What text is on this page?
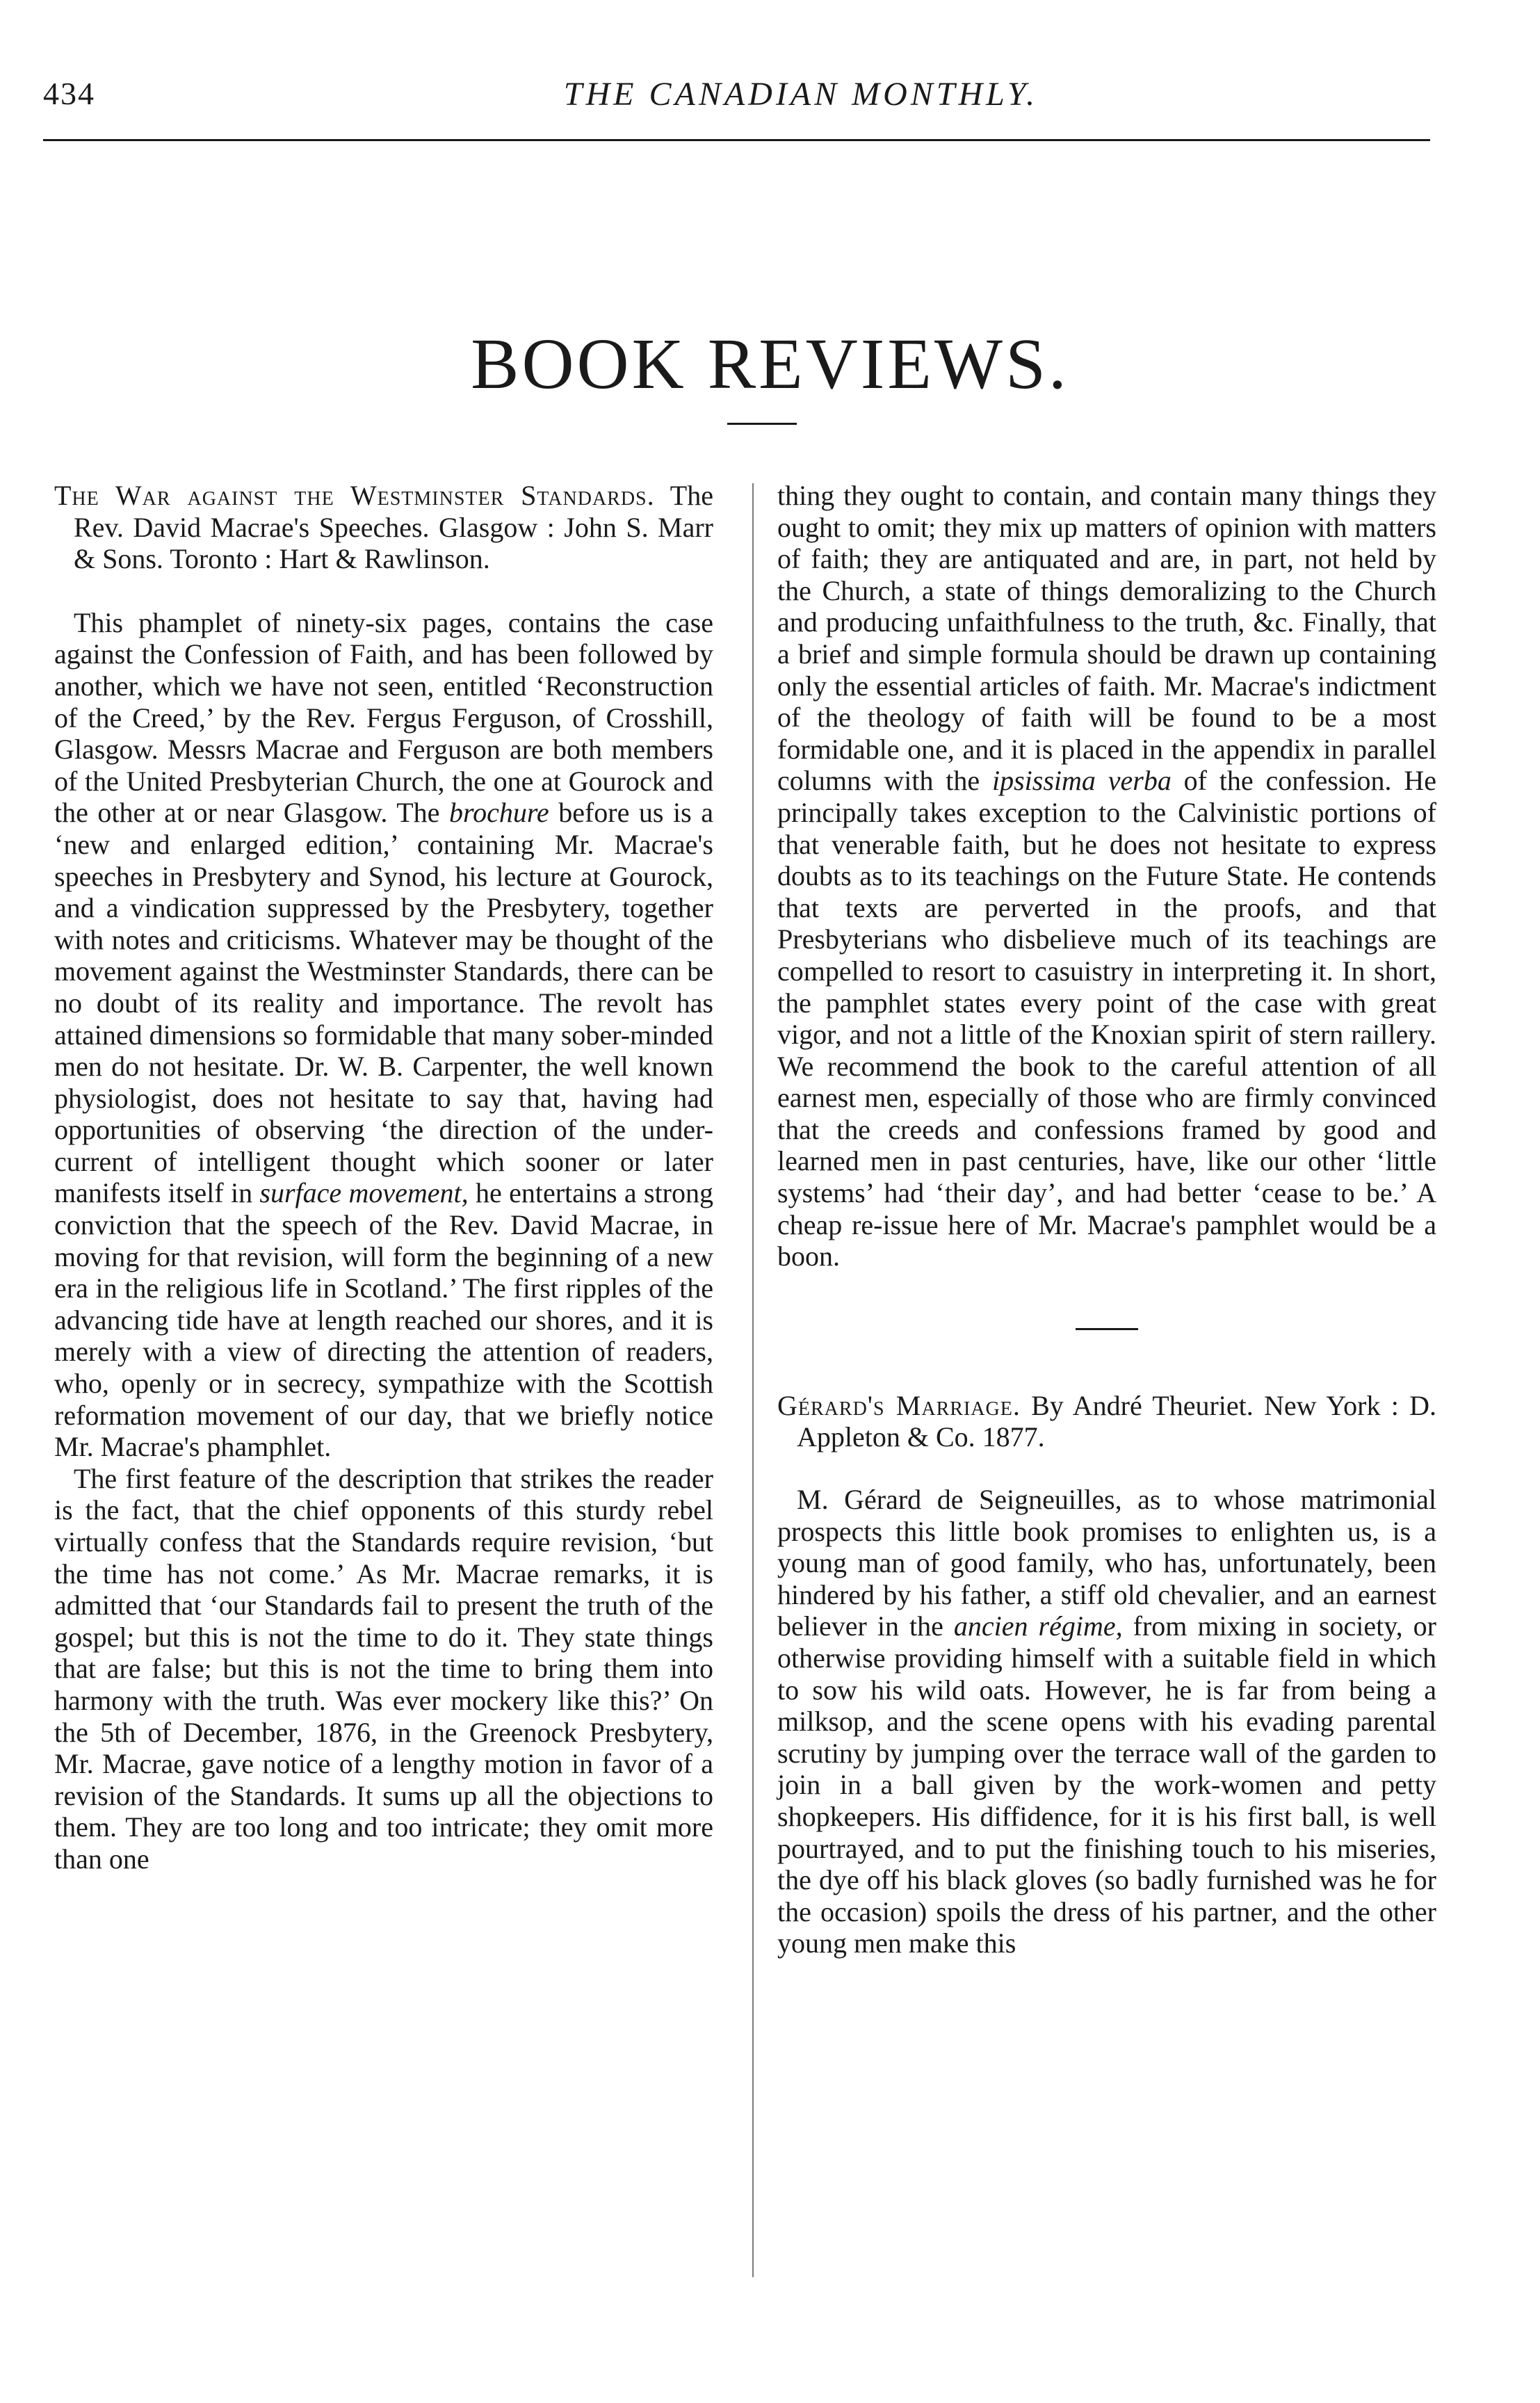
434	THE CANADIAN MONTHLY.
BOOK REVIEWS.

The War against the Westminster Standards. The Rev. David Macrae's Speeches. Glasgow : John S. Marr & Sons. Toronto : Hart & Rawlinson.

This phamplet of ninety-six pages, contains the case against the Confession of Faith, and has been followed by another, which we have not seen, entitled ‘Reconstruction of the Creed,’ by the Rev. Fergus Ferguson, of Crosshill, Glasgow. Messrs Macrae and Ferguson are both members of the United Presbyterian Church, the one at Gourock and the other at or near Glasgow. The brochure before us is a ‘new and enlarged edition,’ containing Mr. Macrae's speeches in Presbytery and Synod, his lecture at Gourock, and a vindication suppressed by the Presbytery, together with notes and criticisms. Whatever may be thought of the movement against the Westminster Standards, there can be no doubt of its reality and importance. The revolt has attained dimensions so formidable that many sober-minded men do not hesitate. Dr. W. B. Carpenter, the well known physiologist, does not hesitate to say that, having had opportunities of observing ‘the direction of the under-current of intelligent thought which sooner or later manifests itself in surface movement, he entertains a strong conviction that the speech of the Rev. David Macrae, in moving for that revision, will form the beginning of a new era in the religious life in Scotland.’ The first ripples of the advancing tide have at length reached our shores, and it is merely with a view of directing the attention of readers, who, openly or in secrecy, sympathize with the Scottish reformation movement of our day, that we briefly notice Mr. Macrae's phamphlet.

The first feature of the description that strikes the reader is the fact, that the chief opponents of this sturdy rebel virtually confess that the Standards require revision, ‘but the time has not come.’ As Mr. Macrae remarks, it is admitted that ‘our Standards fail to present the truth of the gospel; but this is not the time to do it. They state things that are false; but this is not the time to bring them into harmony with the truth. Was ever mockery like this?’ On the 5th of December, 1876, in the Greenock Presbytery, Mr. Macrae, gave notice of a lengthy motion in favor of a revision of the Standards. It sums up all the objections to them. They are too long and too intricate; they omit more than one

thing they ought to contain, and contain many things they ought to omit; they mix up matters of opinion with matters of faith; they are antiquated and are, in part, not held by the Church, a state of things demoralizing to the Church and producing unfaithfulness to the truth, &c. Finally, that a brief and simple formula should be drawn up containing only the essential articles of faith. Mr. Macrae's indictment of the theology of faith will be found to be a most formidable one, and it is placed in the appendix in parallel columns with the ipsissima verba of the confession. He principally takes exception to the Calvinistic portions of that venerable faith, but he does not hesitate to express doubts as to its teachings on the Future State. He contends that texts are perverted in the proofs, and that Presbyterians who disbelieve much of its teachings are compelled to resort to casuistry in interpreting it. In short, the pamphlet states every point of the case with great vigor, and not a little of the Knoxian spirit of stern raillery. We recommend the book to the careful attention of all earnest men, especially of those who are firmly convinced that the creeds and confessions framed by good and learned men in past centuries, have, like our other ‘little systems’ had ‘their day’, and had better ‘cease to be.’ A cheap re-issue here of Mr. Macrae's pamphlet would be a boon.

Gérard's Marriage. By André Theuriet. New York : D. Appleton & Co. 1877.

M. Gérard de Seigneuilles, as to whose matrimonial prospects this little book promises to enlighten us, is a young man of good family, who has, unfortunately, been hindered by his father, a stiff old chevalier, and an earnest believer in the ancien régime, from mixing in society, or otherwise providing himself with a suitable field in which to sow his wild oats. However, he is far from being a milksop, and the scene opens with his evading parental scrutiny by jumping over the terrace wall of the garden to join in a ball given by the work-women and petty shopkeepers. His diffidence, for it is his first ball, is well pourtrayed, and to put the finishing touch to his miseries, the dye off his black gloves (so badly furnished was he for the occasion) spoils the dress of his partner, and the other young men make this
